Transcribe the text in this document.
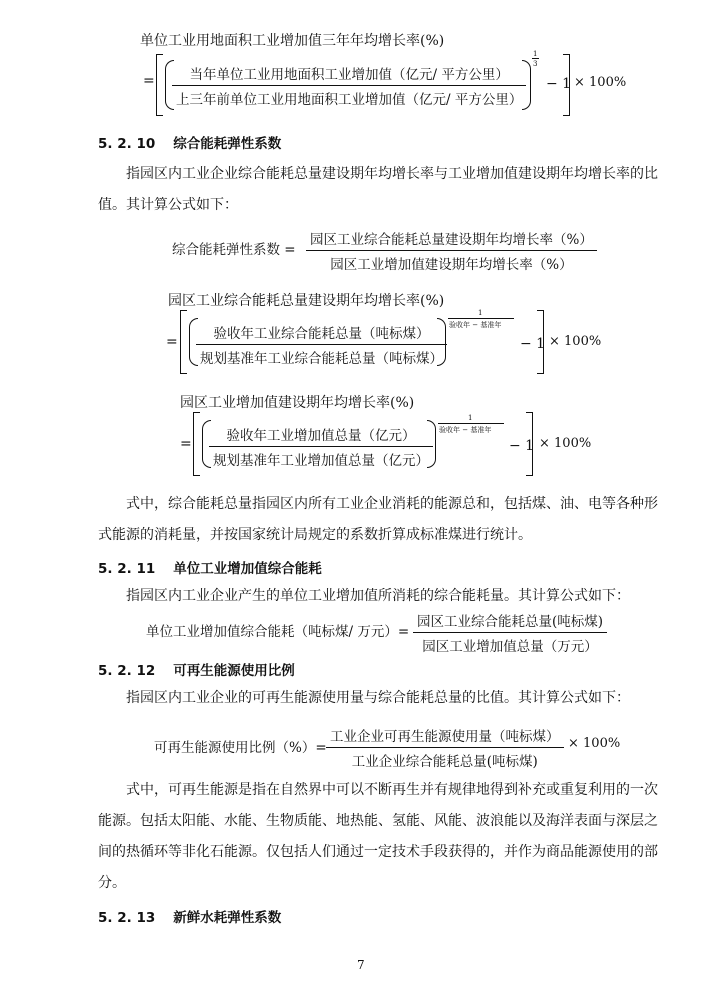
单位工业用地面积工业增加值三年年均增长率(%)
=	当年单位工业用地面积工业增加值（亿元/ 平方公里）
上三年前单位工业用地面积工业增加值（亿元/ 平方公里）
1
3
− 1 × 100%
5. 2. 10 综合能耗弹性系数
指园区内工业企业综合能耗总量建设期年均增长率与工业增加值建设期年均增长率的比值。其计算公式如下：
综合能耗弹性系数 =
园区工业综合能耗总量建设期年均增长率（%）
园区工业增加值建设期年均增长率（%）
园区工业综合能耗总量建设期年均增长率(%)
=	验收年工业综合能耗总量（吨标煤）
规划基准年工业综合能耗总量（吨标煤）
1
验收年 − 基准年
− 1 × 100%
园区工业增加值建设期年均增长率(%)
=	验收年工业增加值总量（亿元）
规划基准年工业增加值总量（亿元）
1
验收年 − 基准年
− 1 × 100%
式中，综合能耗总量指园区内所有工业企业消耗的能源总和，包括煤、油、电等各种形式能源的消耗量，并按国家统计局规定的系数折算成标准煤进行统计。
5. 2. 11 单位工业增加值综合能耗
指园区内工业企业产生的单位工业增加值所消耗的综合能耗量。其计算公式如下：
单位工业增加值综合能耗（吨标煤/ 万元）=
园区工业综合能耗总量(吨标煤)
园区工业增加值总量（万元）
5. 2. 12 可再生能源使用比例
指园区内工业企业的可再生能源使用量与综合能耗总量的比值。其计算公式如下：
可再生能源使用比例（%）=
工业企业可再生能源使用量（吨标煤）
工业企业综合能耗总量(吨标煤)
× 100%
式中，可再生能源是指在自然界中可以不断再生并有规律地得到补充或重复利用的一次能源。包括太阳能、水能、生物质能、地热能、氢能、风能、波浪能以及海洋表面与深层之间的热循环等非化石能源。仅包括人们通过一定技术手段获得的，并作为商品能源使用的部分。
5. 2. 13 新鲜水耗弹性系数
7
